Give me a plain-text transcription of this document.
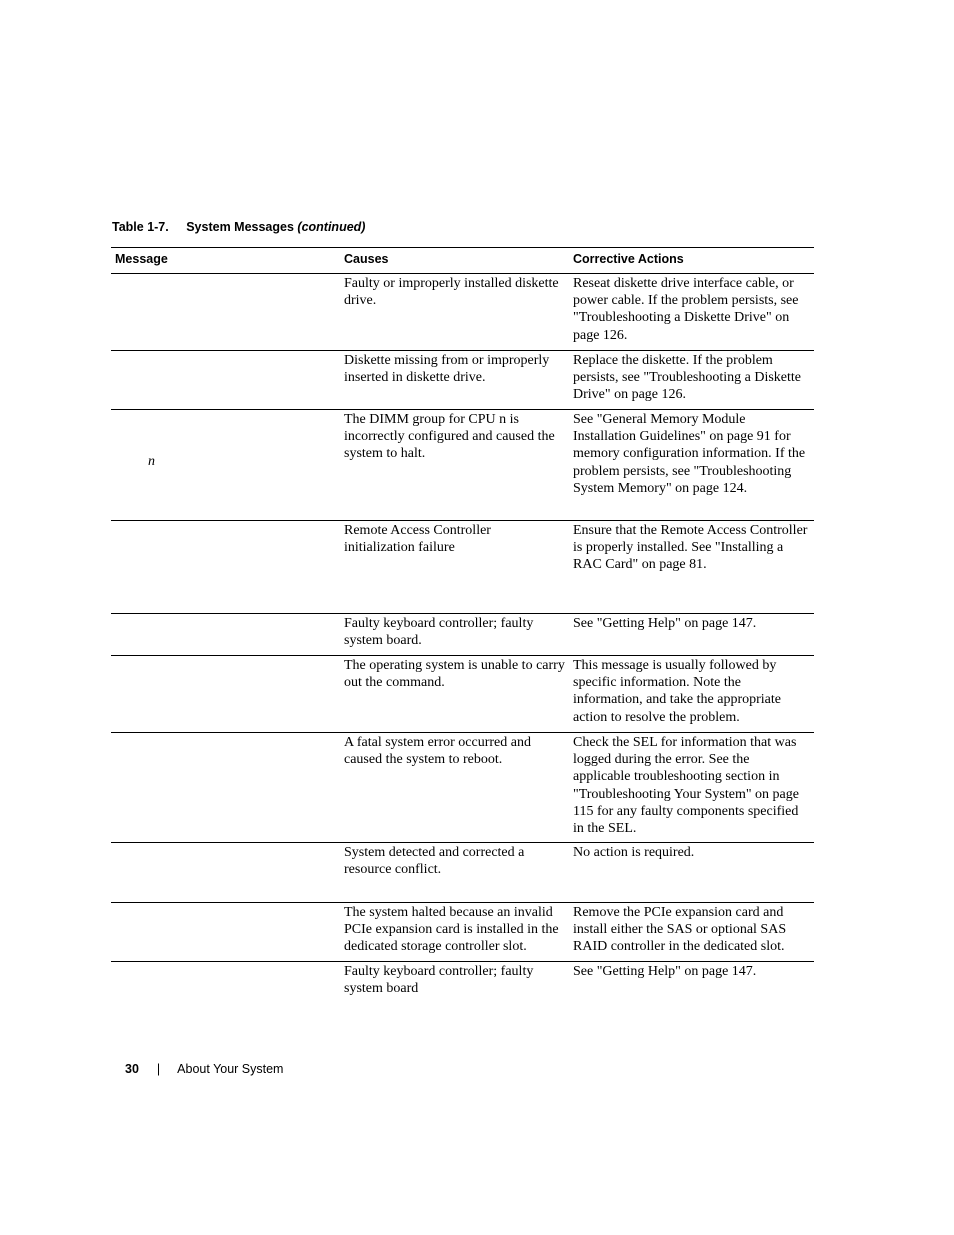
Table 1-7. System Messages (continued)
Message	Causes	Corrective Actions
Faulty or improperly installed diskette drive.
Reseat diskette drive interface cable, or power cable. If the problem persists, see "Troubleshooting a Diskette Drive" on page 126.
Diskette missing from or improperly inserted in diskette drive.
Replace the diskette. If the problem persists, see "Troubleshooting a Diskette Drive" on page 126.
n
The DIMM group for CPU n is incorrectly configured and caused the system to halt.
See "General Memory Module Installation Guidelines" on page 91 for memory configuration information. If the problem persists, see "Troubleshooting System Memory" on page 124.
Remote Access Controller initialization failure
Ensure that the Remote Access Controller is properly installed. See "Installing a RAC Card" on page 81.
Faulty keyboard controller; faulty system board.
See "Getting Help" on page 147.
The operating system is unable to carry out the command.
This message is usually followed by specific information. Note the information, and take the appropriate action to resolve the problem.
A fatal system error occurred and caused the system to reboot.
Check the SEL for information that was logged during the error. See the applicable troubleshooting section in "Troubleshooting Your System" on page 115 for any faulty components specified in the SEL.
System detected and corrected a resource conflict.
No action is required.
The system halted because an invalid PCIe expansion card is installed in the dedicated storage controller slot.
Remove the PCIe expansion card and install either the SAS or optional SAS RAID controller in the dedicated slot.
Faulty keyboard controller; faulty system board
See "Getting Help" on page 147.
30 | About Your System
